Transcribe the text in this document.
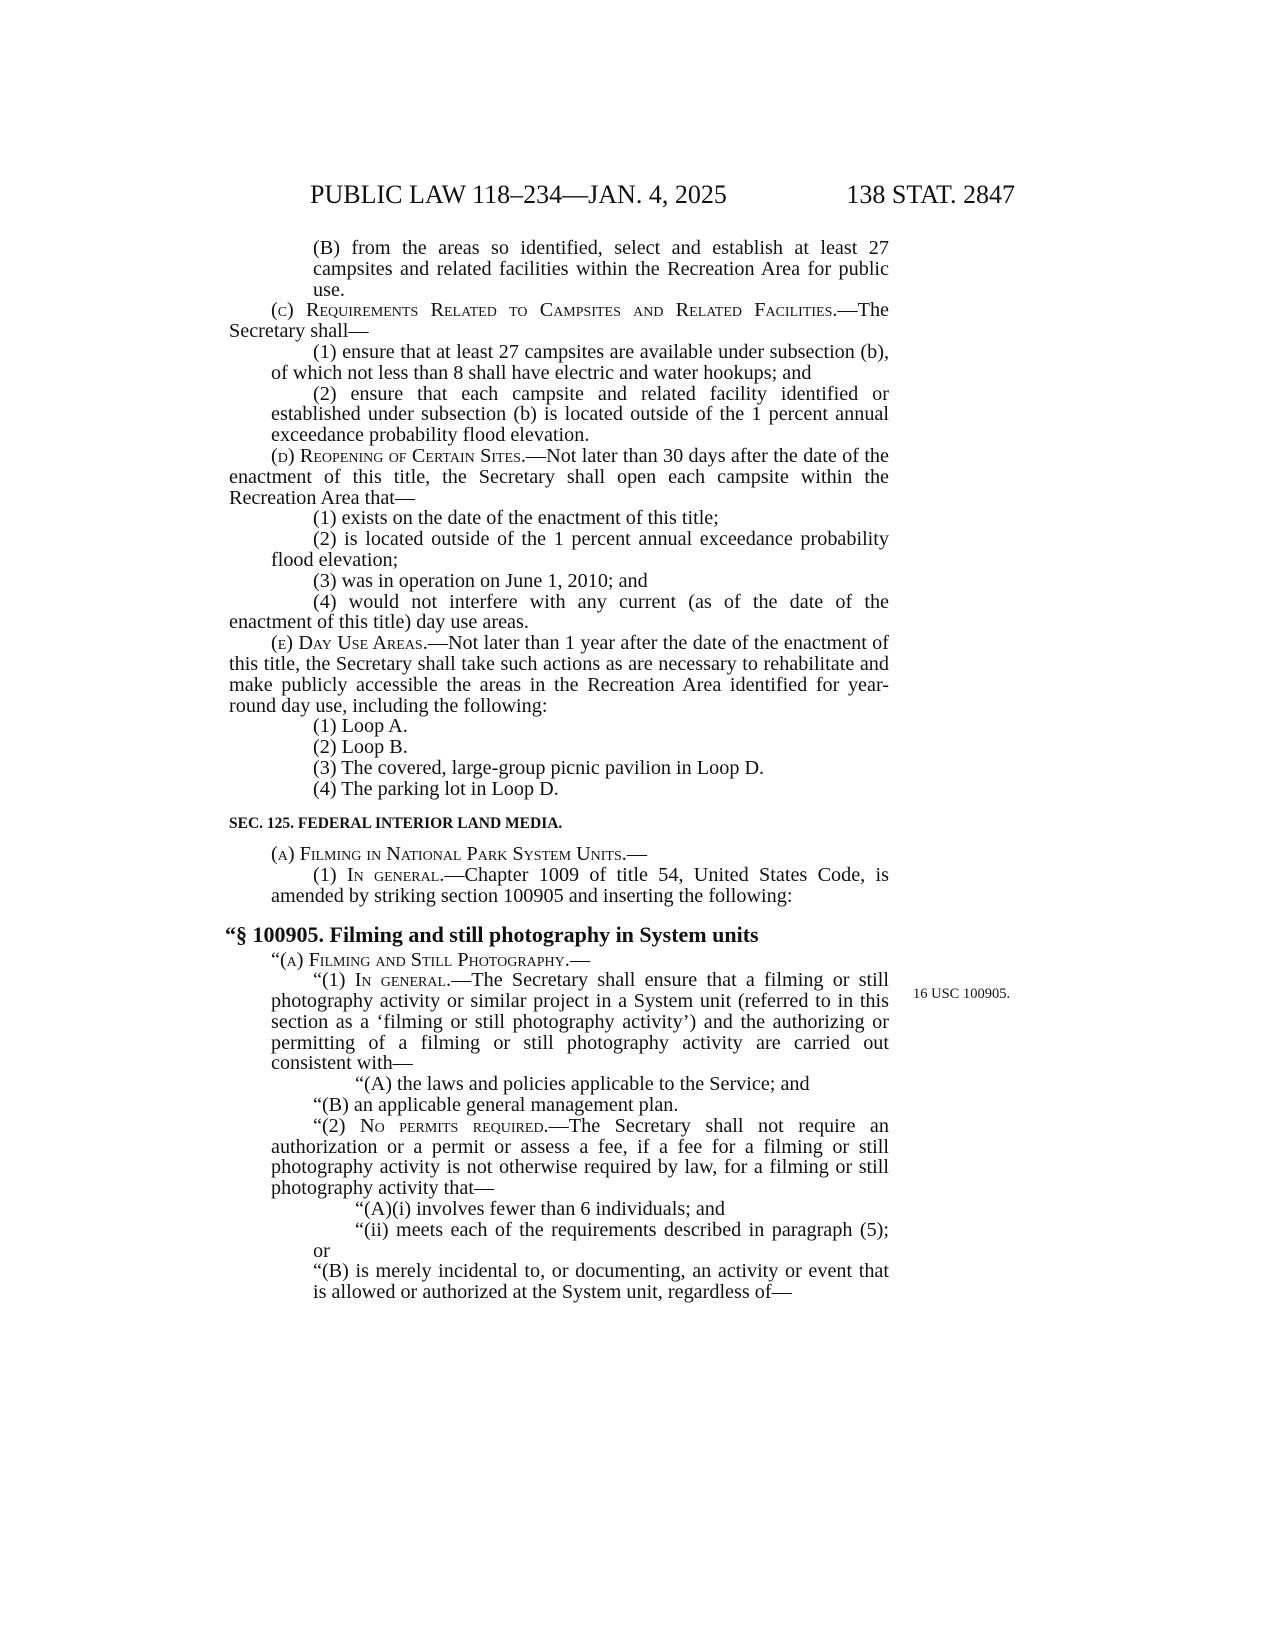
PUBLIC LAW 118–234—JAN. 4, 2025	138 STAT. 2847
16 USC 100905.

(B) from the areas so identified, select and establish at least 27 campsites and related facilities within the Recreation Area for public use.

(c) Requirements Related to Campsites and Related Facilities.—The Secretary shall—

(1) ensure that at least 27 campsites are available under subsection (b), of which not less than 8 shall have electric and water hookups; and

(2) ensure that each campsite and related facility identified or established under subsection (b) is located outside of the 1 percent annual exceedance probability flood elevation.

(d) Reopening of Certain Sites.—Not later than 30 days after the date of the enactment of this title, the Secretary shall open each campsite within the Recreation Area that—

(1) exists on the date of the enactment of this title;

(2) is located outside of the 1 percent annual exceedance probability flood elevation;

(3) was in operation on June 1, 2010; and

(4) would not interfere with any current (as of the date of the enactment of this title) day use areas.

(e) Day Use Areas.—Not later than 1 year after the date of the enactment of this title, the Secretary shall take such actions as are necessary to rehabilitate and make publicly accessible the areas in the Recreation Area identified for year-round day use, including the following:

(1) Loop A.

(2) Loop B.

(3) The covered, large-group picnic pavilion in Loop D.

(4) The parking lot in Loop D.

SEC. 125. FEDERAL INTERIOR LAND MEDIA.

(a) Filming in National Park System Units.—

(1) In general.—Chapter 1009 of title 54, United States Code, is amended by striking section 100905 and inserting the following:

“§ 100905. Filming and still photography in System units

“(a) Filming and Still Photography.—

“(1) In general.—The Secretary shall ensure that a filming or still photography activity or similar project in a System unit (referred to in this section as a ‘filming or still photography activity’) and the authorizing or permitting of a filming or still photography activity are carried out consistent with—

“(A) the laws and policies applicable to the Service; and

“(B) an applicable general management plan.

“(2) No permits required.—The Secretary shall not require an authorization or a permit or assess a fee, if a fee for a filming or still photography activity is not otherwise required by law, for a filming or still photography activity that—

“(A)(i) involves fewer than 6 individuals; and

“(ii) meets each of the requirements described in paragraph (5); or

“(B) is merely incidental to, or documenting, an activity or event that is allowed or authorized at the System unit, regardless of—
